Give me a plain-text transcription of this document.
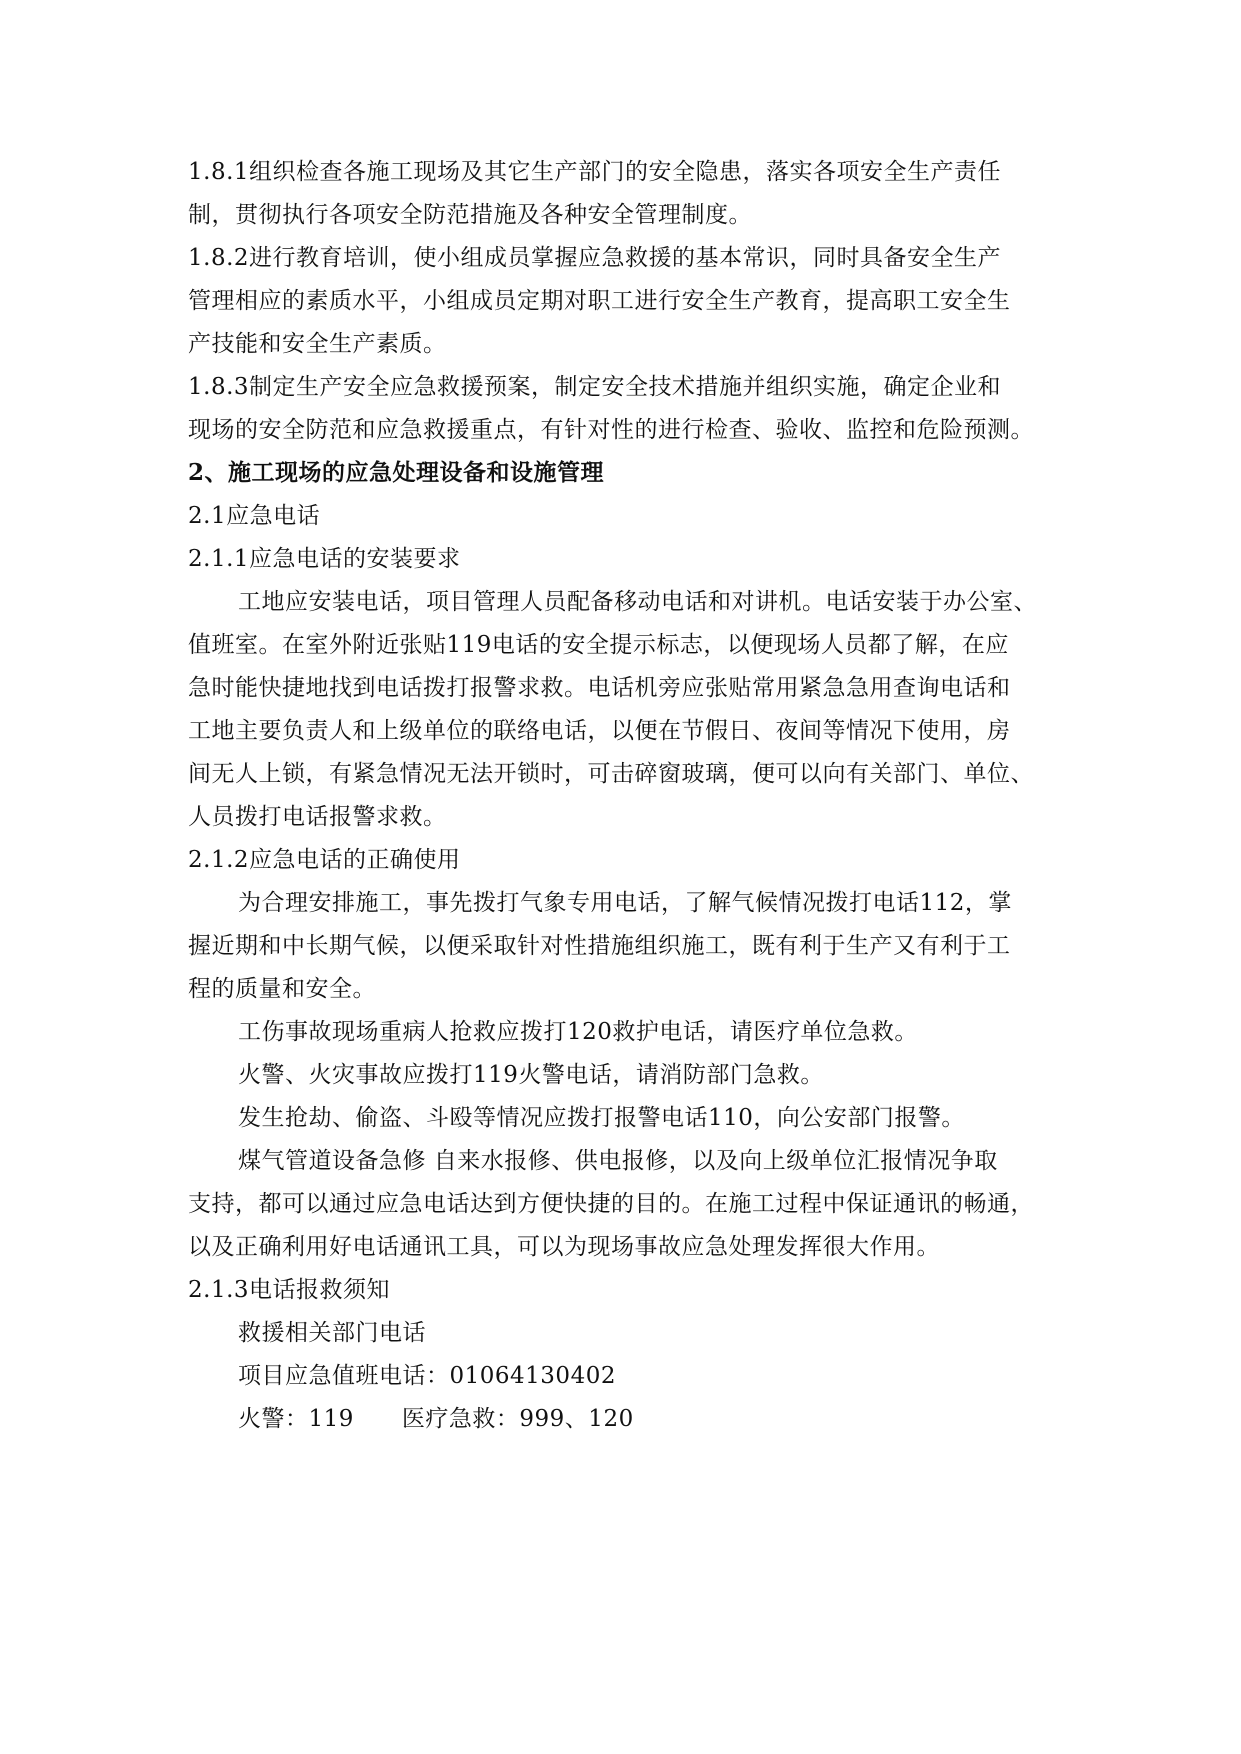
1.8.1组织检查各施工现场及其它生产部门的安全隐患，落实各项安全生产责任
制，贯彻执行各项安全防范措施及各种安全管理制度。
1.8.2进行教育培训，使小组成员掌握应急救援的基本常识，同时具备安全生产
管理相应的素质水平，小组成员定期对职工进行安全生产教育，提高职工安全生
产技能和安全生产素质。
1.8.3制定生产安全应急救援预案，制定安全技术措施并组织实施，确定企业和
现场的安全防范和应急救援重点，有针对性的进行检查、验收、监控和危险预测。
2、施工现场的应急处理设备和设施管理
2.1应急电话
2.1.1应急电话的安装要求
工地应安装电话，项目管理人员配备移动电话和对讲机。电话安装于办公室、
值班室。在室外附近张贴119电话的安全提示标志，以便现场人员都了解，在应
急时能快捷地找到电话拨打报警求救。电话机旁应张贴常用紧急急用查询电话和
工地主要负责人和上级单位的联络电话，以便在节假日、夜间等情况下使用，房
间无人上锁，有紧急情况无法开锁时，可击碎窗玻璃，便可以向有关部门、单位、
人员拨打电话报警求救。
2.1.2应急电话的正确使用
为合理安排施工，事先拨打气象专用电话，了解气候情况拨打电话112，掌
握近期和中长期气候，以便采取针对性措施组织施工，既有利于生产又有利于工
程的质量和安全。
工伤事故现场重病人抢救应拨打120救护电话，请医疗单位急救。
火警、火灾事故应拨打119火警电话，请消防部门急救。
发生抢劫、偷盗、斗殴等情况应拨打报警电话110，向公安部门报警。
煤气管道设备急修 自来水报修、供电报修，以及向上级单位汇报情况争取
支持，都可以通过应急电话达到方便快捷的目的。在施工过程中保证通讯的畅通，
以及正确利用好电话通讯工具，可以为现场事故应急处理发挥很大作用。
2.1.3电话报救须知
救援相关部门电话
项目应急值班电话：01064130402
火警：119 医疗急救：999、120
